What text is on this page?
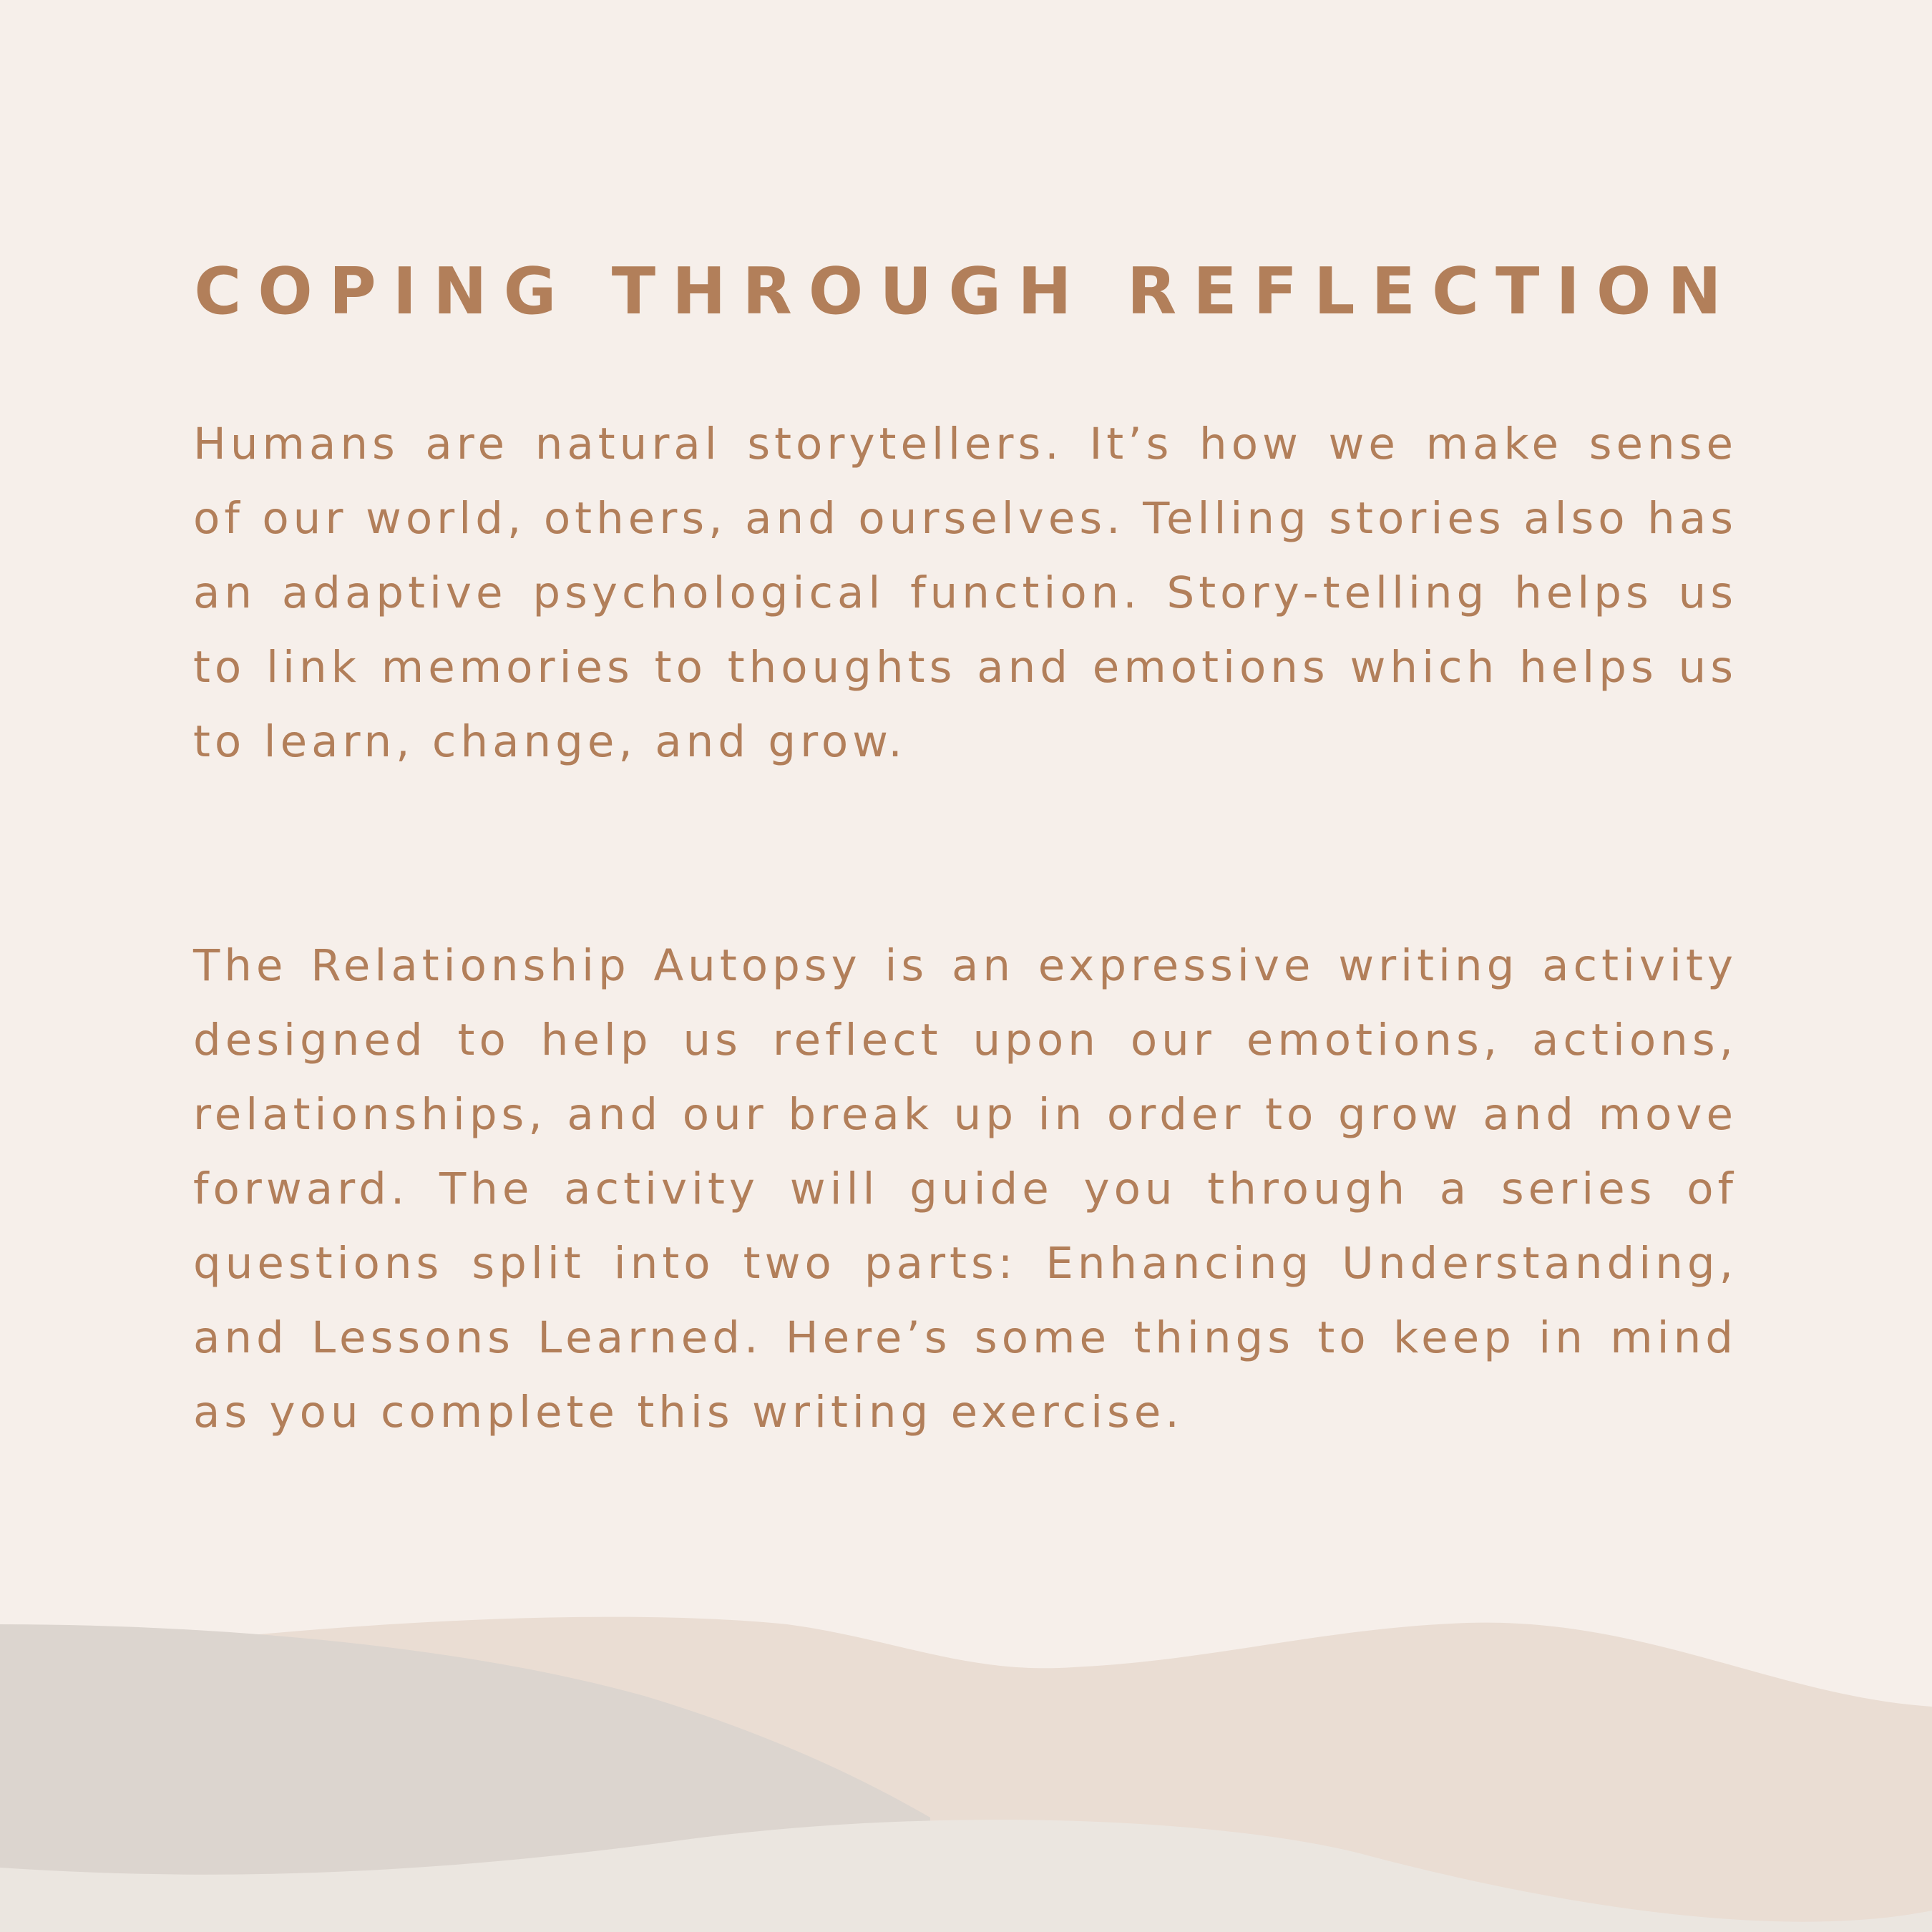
COPING THROUGH REFLECTION

Humans are natural storytellers. It’s how we make sense of our world, others, and ourselves. Telling stories also has an adaptive psychological function. Story-telling helps us to link memories to thoughts and emotions which helps us to learn, change, and grow.

The Relationship Autopsy is an expressive writing activity designed to help us reflect upon our emotions, actions, relationships, and our break up in order to grow and move forward. The activity will guide you through a series of questions split into two parts: Enhancing Understanding, and Lessons Learned. Here’s some things to keep in mind as you complete this writing exercise.
